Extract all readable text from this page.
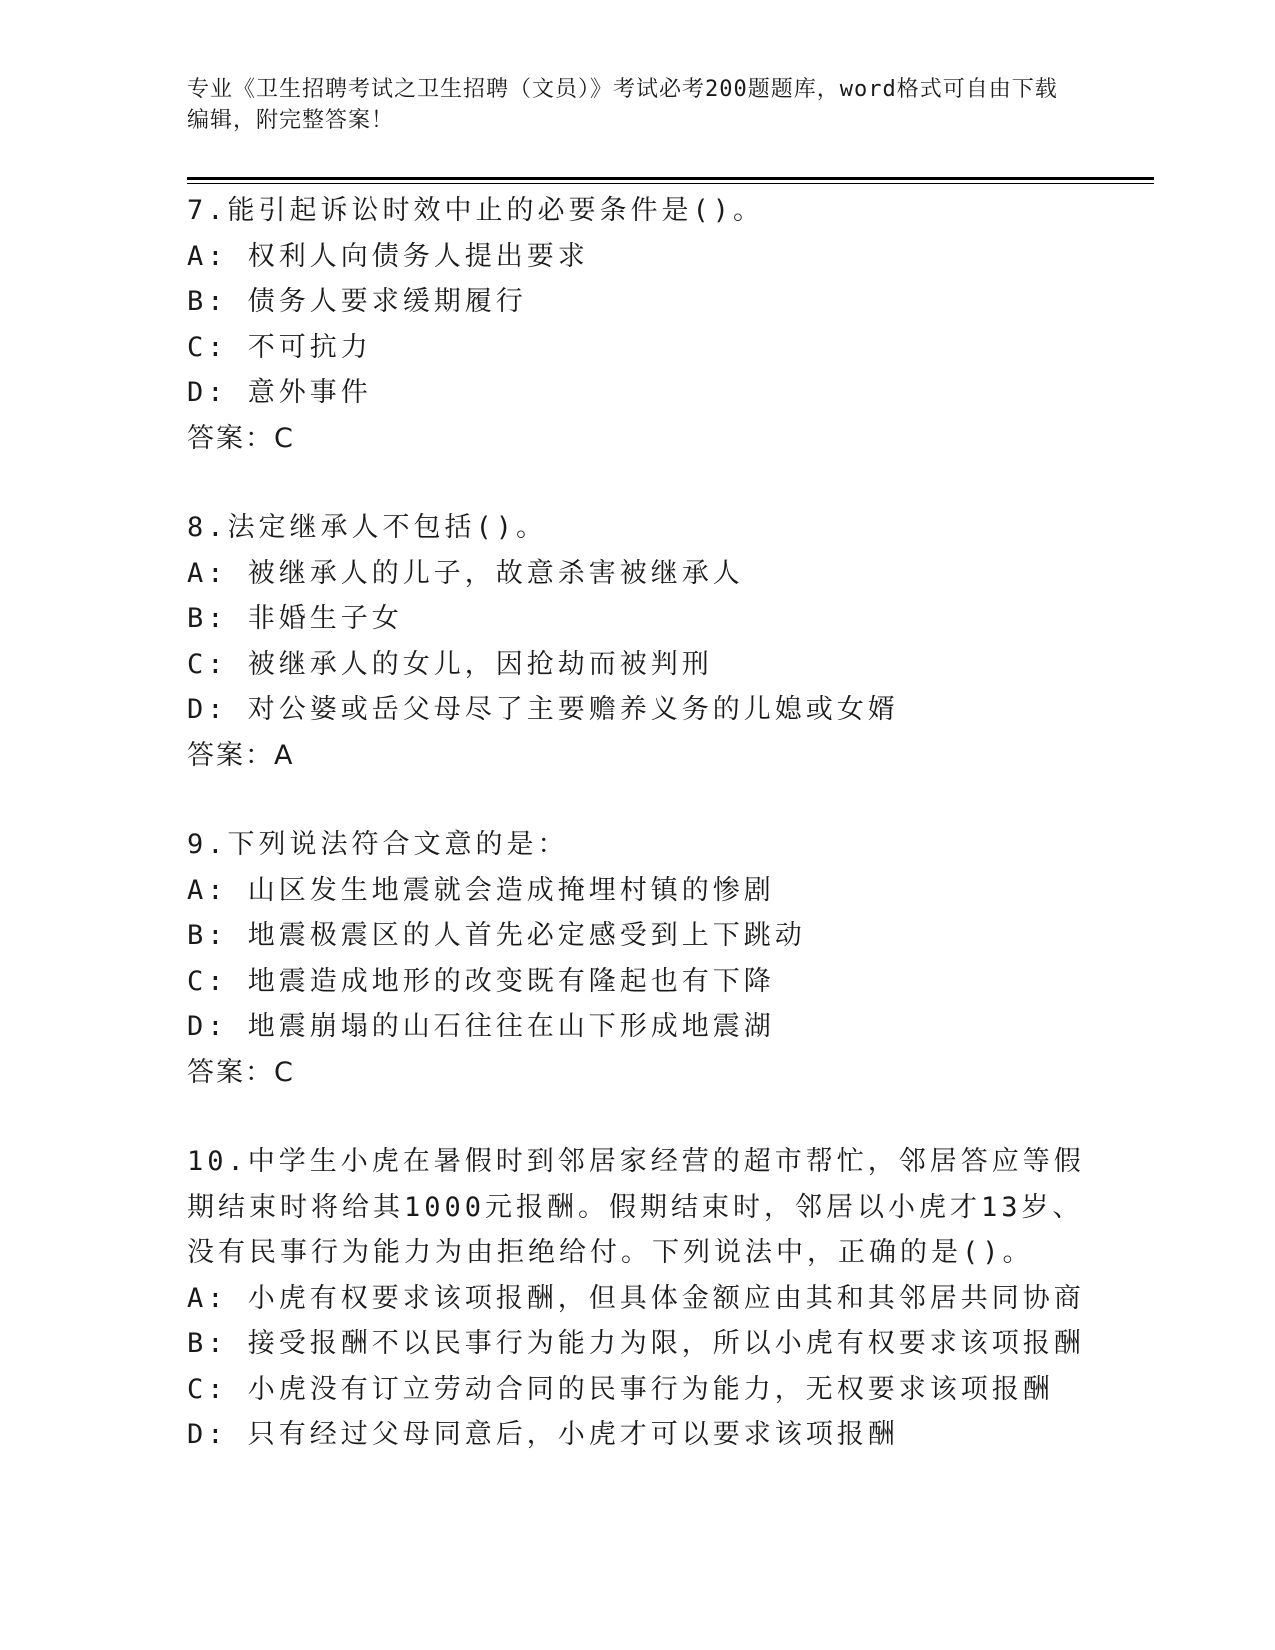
专业《卫生招聘考试之卫生招聘（文员）》考试必考200题题库，word格式可自由下载编辑，附完整答案！
7.能引起诉讼时效中止的必要条件是()。
A: 权利人向债务人提出要求
B: 债务人要求缓期履行
C: 不可抗力
D: 意外事件
答案：C
8.法定继承人不包括()。
A: 被继承人的儿子，故意杀害被继承人
B: 非婚生子女
C: 被继承人的女儿，因抢劫而被判刑
D: 对公婆或岳父母尽了主要赡养义务的儿媳或女婿
答案：A
9.下列说法符合文意的是：
A: 山区发生地震就会造成掩埋村镇的惨剧
B: 地震极震区的人首先必定感受到上下跳动
C: 地震造成地形的改变既有隆起也有下降
D: 地震崩塌的山石往往在山下形成地震湖
答案：C
10.中学生小虎在暑假时到邻居家经营的超市帮忙，邻居答应等假期结束时将给其1000元报酬。假期结束时，邻居以小虎才13岁、没有民事行为能力为由拒绝给付。下列说法中，正确的是()。
A: 小虎有权要求该项报酬，但具体金额应由其和其邻居共同协商
B: 接受报酬不以民事行为能力为限，所以小虎有权要求该项报酬
C: 小虎没有订立劳动合同的民事行为能力，无权要求该项报酬
D: 只有经过父母同意后，小虎才可以要求该项报酬
